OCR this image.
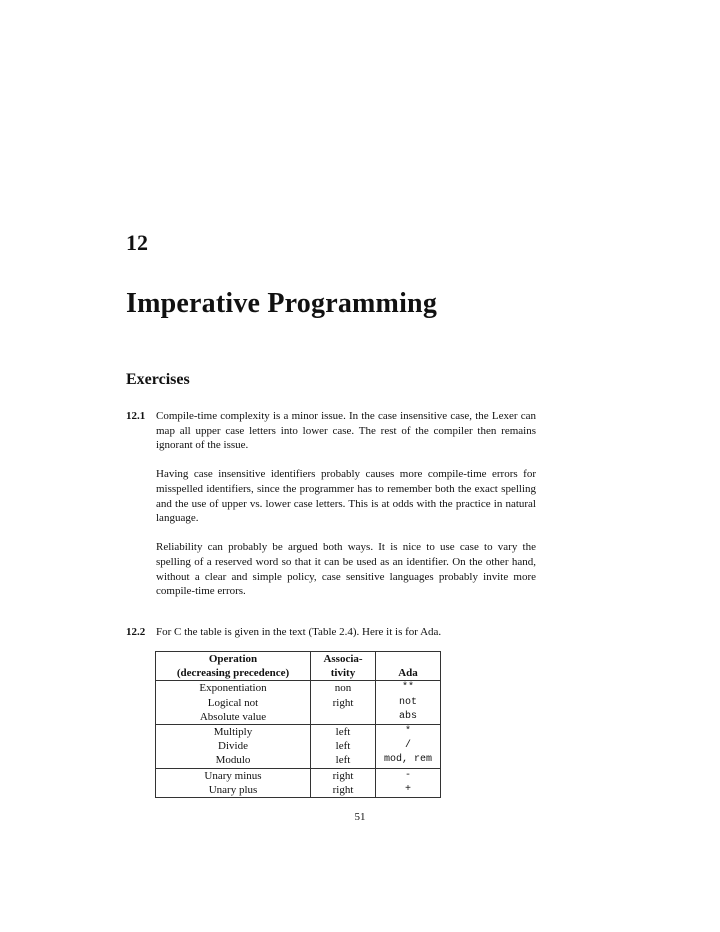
12
Imperative Programming
Exercises
12.1 Compile-time complexity is a minor issue. In the case insensitive case, the Lexer can map all upper case letters into lower case. The rest of the compiler then remains ignorant of the issue.

Having case insensitive identifiers probably causes more compile-time errors for misspelled identifiers, since the programmer has to remember both the exact spelling and the use of upper vs. lower case letters. This is at odds with the practice in natural language.

Reliability can probably be argued both ways. It is nice to use case to vary the spelling of a reserved word so that it can be used as an identifier. On the other hand, without a clear and simple policy, case sensitive languages probably invite more compile-time errors.

12.2 For C the table is given in the text (Table 2.4). Here it is for Ada.

Operation	Associa-	
(decreasing precedence)	tivity	Ada
Exponentiation	non	**
Logical not	right	not
Absolute value		abs
Multiply	left	*
Divide	left	/
Modulo	left	mod, rem
Unary minus	right	-
Unary plus	right	+
51
